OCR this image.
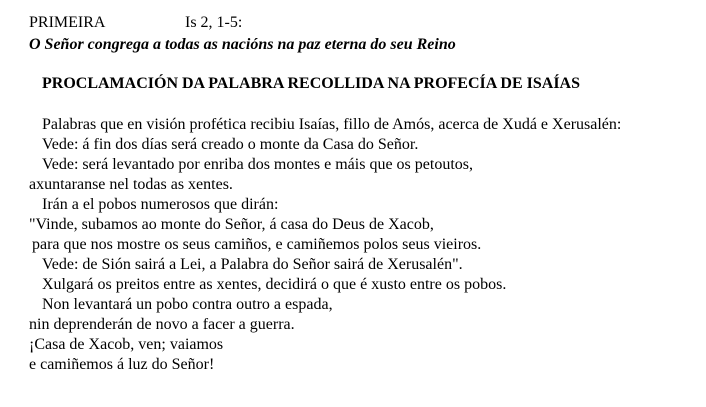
PRIMEIRA	Is 2, 1-5:
O Señor congrega a todas as nacións na paz eterna do seu Reino
PROCLAMACIÓN DA PALABRA RECOLLIDA NA PROFECÍA DE ISAÍAS
Palabras que en visión profética recibiu Isaías, fillo de Amós, acerca de Xudá e Xerusalén:
Vede: á fin dos días será creado o monte da Casa do Señor.
Vede: será levantado por enriba dos montes e máis que os petoutos,
axuntaranse nel todas as xentes.
Irán a el pobos numerosos que dirán:
"Vinde, subamos ao monte do Señor, á casa do Deus de Xacob,
para que nos mostre os seus camiños, e camiñemos polos seus vieiros.
Vede: de Sión sairá a Lei, a Palabra do Señor sairá de Xerusalén".
Xulgará os preitos entre as xentes, decidirá o que é xusto entre os pobos.
Non levantará un pobo contra outro a espada,
nin deprenderán de novo a facer a guerra.
¡Casa de Xacob, ven; vaiamos
e camiñemos á luz do Señor!
